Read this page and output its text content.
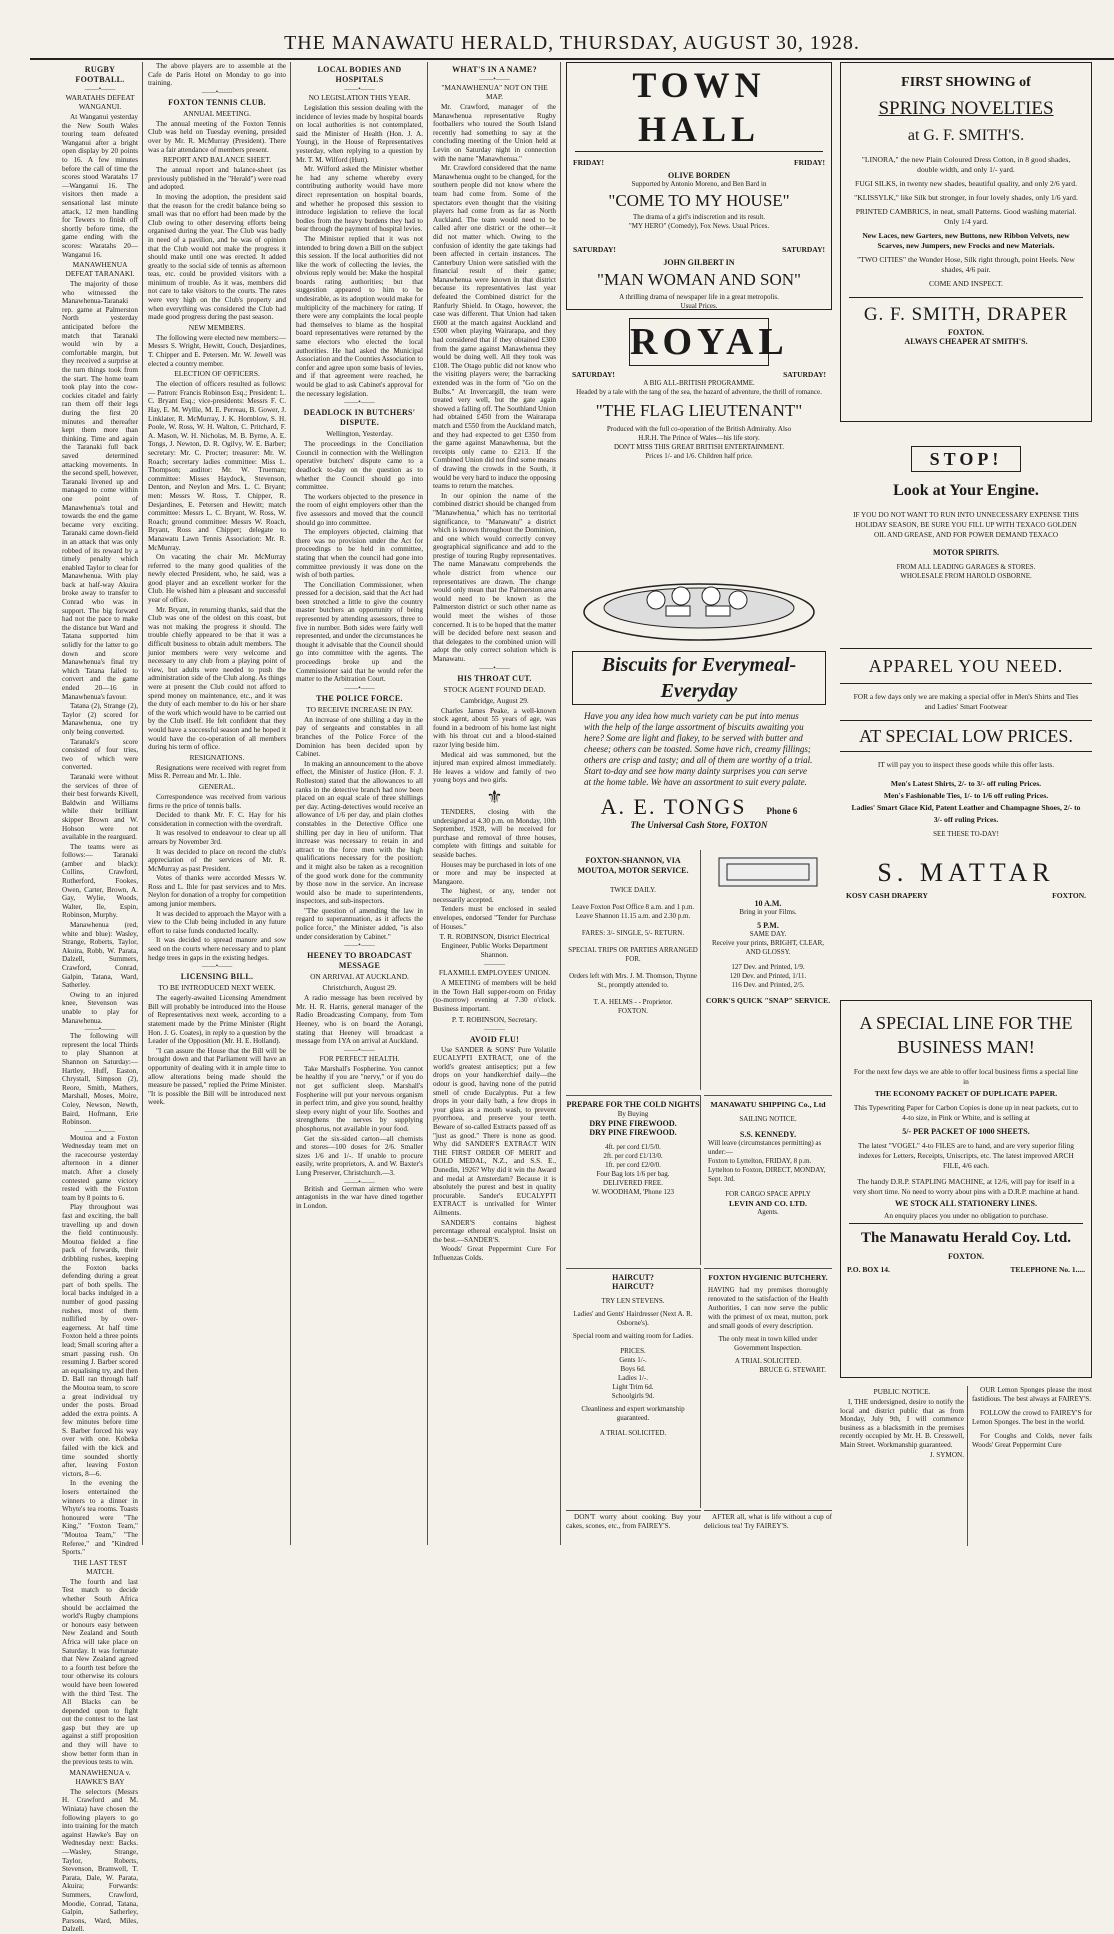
THE MANAWATU HERALD, THURSDAY, AUGUST 30, 1928.
RUGBY FOOTBALL.
——•——
WARATAHS DEFEAT WANGANUI.

At Wanganui yesterday the New South Wales touring team defeated Wanganui after a bright open display by 20 points to 16. A few minutes before the call of time the scores stood Waratahs 17—Wanganui 16. The visitors then made a sensational last minute attack, 12 men handling for Tewers to finish off shortly before time, the game ending with the scores: Waratahs 20—Wanganui 16.

MANAWHENUA DEFEAT TARANAKI.

The majority of those who witnessed the Manawhenua-Taranaki rep. game at Palmerston North yesterday anticipated before the match that Taranaki would win by a comfortable margin, but they received a surprise at the turn things took from the start. The home team took play into the cow-cockies citadel and fairly ran them off their legs during the first 20 minutes and thereafter kept them more than thinking. Time and again the Taranaki full back saved determined attacking movements. In the second spell, however, Taranaki livened up and managed to come within one point of Manawhenua's total and towards the end the game became very exciting. Taranaki came down-field in an attack that was only robbed of its reward by a timely penalty which enabled Taylor to clear for Manawhenua. With play back at half-way Akuira broke away to transfer to Conrad who was in support. The big forward had not the pace to make the distance but Ward and Tatana supported him solidly for the latter to go down and score Manawhenua's final try which Tatana failed to convert and the game ended 20—16 in Manawhenua's favour.

Tatana (2), Strange (2), Taylor (2) scored for Manawhenua, one try only being converted.

Taranaki's score consisted of four tries, two of which were converted.

Taranaki were without the services of three of their best forwards Kivell, Baldwin and Williams while their brilliant skipper Brown and W. Hobson were not available in the rearguard.

The teams were as follows:— Taranaki (amber and black): Collins, Crawford, Rutherford, Fookes, Owen, Carter, Brown, A. Gay, Wylie, Woods, Walter, Ile, Espin, Robinson, Murphy.

Manawhenua (red, white and blue): Wasley, Strange, Roberts, Taylor, Akuira, Robb, W. Parata, Dalzell, Summers, Crawford, Conrad, Galpin, Tatana, Ward, Satherley.

Owing to an injured knee, Stevenson was unable to play for Manawhenua.

——•——

The following will represent the local Thirds to play Shannon at Shannon on Saturday:— Hartley, Huff, Easton, Chrystall, Simpson (2), Reore, Smith, Mathers, Marshall, Moses, Moire, Coley, Newson, Newth, Baird, Hofmann, Erie Robinson.

——•——

Moutoa and a Foxton Wednesday team met on the racecourse yesterday afternoon in a dinner match. After a closely contested game victory rested with the Foxton team by 8 points to 6.

Play throughout was fast and exciting, the ball travelling up and down the field continuously. Moutoa fielded a fine pack of forwards, their dribbling rushes, keeping the Foxton backs defending during a great part of both spells. The local backs indulged in a number of good passing rushes, most of them nullified by over-eagerness. At half time Foxton held a three points lead; Small scoring after a smart passing rush. On resuming J. Barber scored an equalising try, and then D. Ball ran through half the Moutoa team, to score a great individual try under the posts. Broad added the extra points. A few minutes before time S. Barber forced his way over with one. Kobeka failed with the kick and time sounded shortly after, leaving Foxton victors, 8—6.

In the evening the losers entertained the winners to a dinner in Whyte's tea rooms. Toasts honoured were "The King," "Foxton Team," "Moutoa Team," "The Referee," and "Kindred Sports."

THE LAST TEST MATCH.

The fourth and last Test match to decide whether South Africa should be acclaimed the world's Rugby champions or honours easy between New Zealand and South Africa will take place on Saturday. It was fortunate that New Zealand agreed to a fourth test before the tour otherwise its colours would have been lowered with the third Test. The All Blacks can be depended upon to fight out the contest to the last gasp but they are up against a stiff proposition and they will have to show better form than in the previous tests to win.

MANAWHENUA v. HAWKE'S BAY

The selectors (Messrs H. Crawford and M. Winiata) have chosen the following players to go into training for the match against Hawke's Bay on Wednesday next: Backs.—Wasley, Strange, Taylor, Roberts, Stevenson, Bramwell, T. Parata, Dale, W. Parata, Akuira; Forwards: Summers, Crawford, Moodie, Conrad, Tatana, Galpin, Satherley, Parsons, Ward, Miles, Dalzell.

The above players are to assemble at the Cafe de Paris Hotel on Monday to go into training.

——•——
FOXTON TENNIS CLUB.
ANNUAL MEETING.

The annual meeting of the Foxton Tennis Club was held on Tuesday evening, presided over by Mr. R. McMurray (President). There was a fair attendance of members present.

REPORT AND BALANCE SHEET.

The annual report and balance-sheet (as previously published in the "Herald") were read and adopted.

In moving the adoption, the president said that the reason for the credit balance being so small was that no effort had been made by the Club owing to other deserving efforts being organised during the year. The Club was badly in need of a pavilion, and he was of opinion that the Club would not make the progress it should make until one was erected. It added greatly to the social side of tennis as afternoon teas, etc. could be provided visitors with a minimum of trouble. As it was, members did not care to take visitors to the courts. The rates were very high on the Club's property and when everything was considered the Club had made good progress during the past season.

NEW MEMBERS.

The following were elected new members:—Messrs S. Wright, Hewitt, Couch, Desjardines, T. Chipper and E. Petersen. Mr. W. Jewell was elected a country member.

ELECTION OF OFFICERS.

The election of officers resulted as follows:— Patron: Francis Robinson Esq.; President: L. C. Bryant Esq.; vice-presidents: Messrs F. C. Hay, E. M. Wyllie, M. E. Perreau, B. Gower, J. Linklater, R. McMurray, J. K. Hornblow, S. H. Poole, W. Ross, W. H. Walton, C. Pritchard, F. A. Mason, W. H. Nicholas, M. B. Byrne, A. E. Tongs, J. Newton, D. R. Ogilvy, W. E. Barber; secretary: Mr. C. Procter; treasurer: Mr. W. Roach; secretary ladies committee: Miss L. Thompson; auditor: Mr. W. Trueman; committee: Misses Haydock, Stevenson, Denton, and Neylon and Mrs. L. C. Bryant; men: Messrs W. Ross, T. Chipper, R. Desjardines, E. Petersen and Hewitt; match committee: Messrs L. C. Bryant, W. Ross, W. Roach; ground committee: Messrs W. Roach, Bryant, Ross and Chipper; delegate to Manawatu Lawn Tennis Association: Mr. R. McMurray.

On vacating the chair Mr. McMurray referred to the many good qualities of the newly elected President, who, he said, was a good player and an excellent worker for the Club. He wished him a pleasant and successful year of office.

Mr. Bryant, in returning thanks, said that the Club was one of the oldest on this coast, but was not making the progress it should. The trouble chiefly appeared to be that it was a difficult business to obtain adult members. The junior members were very welcome and necessary to any club from a playing point of view, but adults were needed to push the administration side of the Club along. As things were at present the Club could not afford to spend money on maintenance, etc., and it was the duty of each member to do his or her share of the work which would have to be carried out by the Club itself. He felt confident that they would have a successful season and he hoped it would have the co-operation of all members during his term of office.

RESIGNATIONS.

Resignations were received with regret from Miss R. Perreau and Mr. L. Ihle.

GENERAL.

Correspondence was received from various firms re the price of tennis balls.

Decided to thank Mr. F. C. Hay for his consideration in connection with the overdraft.

It was resolved to endeavour to clear up all arrears by November 3rd.

It was decided to place on record the club's appreciation of the services of Mr. R. McMurray as past President.

Votes of thanks were accorded Messrs W. Ross and L. Ihle for past services and to Mrs. Neylon for donation of a trophy for competition among junior members.

It was decided to approach the Mayor with a view to the Club being included in any future effort to raise funds conducted locally.

It was decided to spread manure and sow seed on the courts where necessary and to plant hedge trees in gaps in the existing hedges.

——•——
LICENSING BILL.
TO BE INTRODUCED NEXT WEEK.

The eagerly-awaited Licensing Amendment Bill will probably be introduced into the House of Representatives next week, according to a statement made by the Prime Minister (Right Hon. J. G. Coates), in reply to a question by the Leader of the Opposition (Mr. H. E. Holland).

"I can assure the House that the Bill will be brought down and that Parliament will have an opportunity of dealing with it in ample time to allow alterations being made should the measure be passed," replied the Prime Minister. "It is possible the Bill will be introduced next week.

LOCAL BODIES AND HOSPITALS
——•——
NO LEGISLATION THIS YEAR.

Legislation this session dealing with the incidence of levies made by hospital boards on local authorities is not contemplated, said the Minister of Health (Hon. J. A. Young), in the House of Representatives yesterday, when replying to a question by Mr. T. M. Wilford (Hutt).

Mr. Wilford asked the Minister whether he had any scheme whereby every contributing authority would have more direct representation on hospital boards, and whether he proposed this session to introduce legislation to relieve the local bodies from the heavy burdens they had to bear through the payment of hospital levies.

The Minister replied that it was not intended to bring down a Bill on the subject this session. If the local authorities did not like the work of collecting the levies, the obvious reply would be: Make the hospital boards rating authorities; but that suggestion appeared to him to be undesirable, as its adoption would make for multiplicity of the machinery for rating. If there were any complaints the local people had themselves to blame as the hospital board representatives were returned by the same electors who elected the local authorities. He had asked the Municipal Association and the Counties Association to confer and agree upon some basis of levies, and if that agreement were reached, he would be glad to ask Cabinet's approval for the necessary legislation.

——•——
DEADLOCK IN BUTCHERS' DISPUTE.
Wellington, Yesterday.

The proceedings in the Conciliation Council in connection with the Wellington operative butchers' dispute came to a deadlock to-day on the question as to whether the Council should go into committee.

The workers objected to the presence in the room of eight employers other than the five assessors and moved that the council should go into committee.

The employers objected, claiming that there was no provision under the Act for proceedings to be held in committee, stating that when the council had gone into committee previously it was done on the wish of both parties.

The Conciliation Commissioner, when pressed for a decision, said that the Act had been stretched a little to give the country master butchers an opportunity of being represented by attending assessors, three to five in number. Both sides were fairly well represented, and under the circumstances he thought it advisable that the Council should go into committee with the agents. The proceedings broke up and the Commissioner said that he would refer the matter to the Arbitration Court.

——•——
THE POLICE FORCE.
TO RECEIVE INCREASE IN PAY.

An increase of one shilling a day in the pay of sergeants and constables in all branches of the Police Force of the Dominion has been decided upon by Cabinet.

In making an announcement to the above effect, the Minister of Justice (Hon. F. J. Rolleston) stated that the allowances to all ranks in the detective branch had now been placed on an equal scale of three shillings per day. Acting-detectives would receive an allowance of 1/6 per day, and plain clothes constables in the Detective Office one shilling per day in lieu of uniform. That increase was necessary to retain in and attract to the force men with the high qualifications necessary for the position; and it might also be taken as a recognition of the good work done for the community by those now in the service. An increase would also be made to superintendents, inspectors, and sub-inspectors.

"The question of amending the law in regard to superannuation, as it affects the police force," the Minister added, "is also under consideration by Cabinet."

——•——
HEENEY TO BROADCAST MESSAGE
ON ARRIVAL AT AUCKLAND.
Christchurch, August 29.

A radio message has been received by Mr. H. R. Harris, general manager of the Radio Broadcasting Company, from Tom Heeney, who is on board the Aorangi, stating that Heeney will broadcast a message from 1YA on arrival at Auckland.

——•——
FOR PERFECT HEALTH.

Take Marshall's Fospherine. You cannot be healthy if you are "nervy," or if you do not get sufficient sleep. Marshall's Fospherine will put your nervous organism in perfect trim, and give you sound, healthy sleep every night of your life. Soothes and strengthens the nerves by supplying phosphorus, not available in your food.

Get the six-sided carton—all chemists and stores—100 doses for 2/6. Smaller sizes 1/6 and 1/-. If unable to procure easily, write proprietors, A. and W. Baxter's Lung Preserver, Christchurch.—3.

——•——

British and German airmen who were antagonists in the war have dined together in London.

WHAT'S IN A NAME?
——•——
"MANAWHENUA" NOT ON THE MAP.

Mr. Crawford, manager of the Manawhenua representative Rugby footballers who toured the South Island recently had something to say at the concluding meeting of the Union held at Levin on Saturday night in connection with the name "Manawhenua."

Mr. Crawford considered that the name Manawhenua ought to be changed, for the southern people did not know where the team had come from. Some of the spectators even thought that the visiting players had come from as far as North Auckland. The team would need to be called after one district or the other—it did not matter which. Owing to the confusion of identity the gate takings had been affected in certain instances. The Canterbury Union were satisfied with the financial result of their game; Manawhenua were known in that district because its representatives last year defeated the Combined district for the Ranfurly Shield. In Otago, however, the case was different. That Union had taken £600 at the match against Auckland and £500 when playing Wairarapa, and they had considered that if they obtained £300 from the game against Manawhenua they would be doing well. All they took was £108. The Otago public did not know who the visiting players were; the barracking extended was in the form of "Go on the Bulbs." At Invercargill, the team were treated very well, but the gate again showed a falling off. The Southland Union had obtained £450 from the Wairarapa match and £550 from the Auckland match, and they had expected to get £350 from the game against Manawhenua, but the receipts only came to £213. If the Combined Union did not find some means of drawing the crowds in the South, it would be very hard to induce the opposing teams to return the matches.

In our opinion the name of the combined district should be changed from "Manawhenua," which has no territorial significance, to "Manawatu" a district which is known throughout the Dominion, and one which would correctly convey geographical significance and add to the prestige of touring Rugby representatives. The name Manawatu comprehends the whole district from whence our representatives are drawn. The change would only mean that the Palmerston area would need to be known as the Palmerston district or such other name as would meet the wishes of those concerned. It is to be hoped that the matter will be decided before next season and that delegates to the combined union will adopt the only correct solution which is Manawatu.

——•——
HIS THROAT CUT.
STOCK AGENT FOUND DEAD.
Cambridge, August 29.

Charles James Peake, a well-known stock agent, about 55 years of age, was found in a bedroom of his home last night with his throat cut and a blood-stained razor lying beside him.

Medical aid was summoned, but the injured man expired almost immediately. He leaves a widow and family of two young boys and two girls.

⚜

TENDERS, closing with the undersigned at 4.30 p.m. on Monday, 10th September, 1928, will be received for purchase and removal of three houses, complete with fittings and suitable for seaside baches.

Houses may be purchased in lots of one or more and may be inspected at Mangaore.

The highest, or any, tender not necessarily accepted.

Tenders must be enclosed in sealed envelopes, endorsed "Tender for Purchase of Houses."

T. R. ROBINSON, District Electrical Engineer, Public Works Department Shannon.
———
FLAXMILL EMPLOYEES' UNION.

A MEETING of members will be held in the Town Hall supper-room on Friday (to-morrow) evening at 7.30 o'clock. Business important.

P. T. ROBINSON, Secretary.
———
AVOID FLU!

Use SANDER & SONS' Pure Volatile EUCALYPTI EXTRACT, one of the world's greatest antiseptics; put a few drops on your handkerchief daily—the odour is good, having none of the putrid smell of crude Eucalyptus. Put a few drops in your daily bath, a few drops in your glass as a mouth wash, to prevent pyorrhoea, and preserve your teeth. Beware of so-called Extracts passed off as "just as good." There is none as good. Why did SANDER'S EXTRACT WIN THE FIRST ORDER OF MERIT and GOLD MEDAL, N.Z., and S.S. E., Dunedin, 1926? Why did it win the Award and medal at Amsterdam? Because it is absolutely the purest and best in quality procurable. Sander's EUCALYPTI EXTRACT is unrivalled for Winter Ailments.

SANDER'S contains highest percentage ethereal eucalyptol. Insist on the best.—SANDER'S.

Woods' Great Peppermint Cure For Influenzas Colds.

TOWN HALL
FRIDAY!	FRIDAY!
OLIVE BORDEN
Supported by Antonio Moreno, and Ben Bard in
"COME TO MY HOUSE"
The drama of a girl's indiscretion and its result.
"MY HERO" (Comedy), Fox News. Usual Prices.
SATURDAY!	SATURDAY!
JOHN GILBERT IN
"MAN WOMAN AND SON"
A thrilling drama of newspaper life in a great metropolis.
Usual Prices.
ROYAL
SATURDAY!	SATURDAY!
A BIG ALL-BRITISH PROGRAMME.
Headed by a tale with the tang of the sea, the hazard of adventure, the thrill of romance.
"THE FLAG LIEUTENANT"
Produced with the full co-operation of the British Admiralty. Also
H.R.H. The Prince of Wales—his life story.
DON'T MISS THIS GREAT BRITISH ENTERTAINMENT.
Prices 1/- and 1/6. Children half price.
Biscuits for Everymeal-Everyday
Have you any idea how much variety can be put into menus with the help of the large assortment of biscuits awaiting you here? Some are light and flakey, to be served with butter and cheese; others can be toasted. Some have rich, creamy fillings; others are crisp and tasty; and all of them are worthy of a trial. Start to-day and see how many dainty surprises you can serve at the home table. We have an assortment to suit every palate.
A. E. TONGS Phone 6
The Universal Cash Store, FOXTON
FOXTON-SHANNON, VIA MOUTOA, MOTOR SERVICE.
TWICE DAILY.
Leave Foxton Post Office 8 a.m. and 1 p.m.
Leave Shannon 11.15 a.m. and 2.30 p.m.
FARES: 3/- SINGLE, 5/- RETURN.
SPECIAL TRIPS OR PARTIES ARRANGED FOR.
Orders left with Mrs. J. M. Thomson, Thynne St., promptly attended to.
T. A. HELMS - - Proprietor.
FOXTON.
10 A.M.
Bring in your Films.
5 P.M.
SAME DAY.
Receive your prints, BRIGHT, CLEAR, AND GLOSSY.
127 Dev. and Printed, 1/9.
120 Dev. and Printed, 1/11.
116 Dev. and Printed, 2/5.
CORK'S QUICK "SNAP" SERVICE.
PREPARE FOR THE COLD NIGHTS
By Buying
DRY PINE FIREWOOD.
DRY PINE FIREWOOD.
4ft. per cord £1/5/0.
2ft. per cord £1/13/0.
1ft. per cord £2/0/0.
Four Bag lots 1/6 per bag.
DELIVERED FREE.
W. WOODHAM, 'Phone 123
MANAWATU SHIPPING Co., Ltd
SAILING NOTICE.
S.S. KENNEDY.
Will leave (circumstances permitting) as under:—
Foxton to Lyttelton, FRIDAY, 8 p.m.
Lyttelton to Foxton, DIRECT, MONDAY, Sept. 3rd.
FOR CARGO SPACE APPLY
LEVIN AND CO. LTD.
Agents.
HAIRCUT?
HAIRCUT?
TRY LEN STEVENS.
Ladies' and Gents' Hairdresser (Next A. R. Osborne's).
Special room and waiting room for Ladies.
PRICES.
Gents 1/-.
Boys 6d.
Ladies 1/-.
Light Trim 6d.
Schoolgirls 9d.
Cleanliness and expert workmanship guaranteed.
A TRIAL SOLICITED.
FOXTON HYGIENIC BUTCHERY.
HAVING had my premises thoroughly renovated to the satisfaction of the Health Authorities, I can now serve the public with the primest of ox meat, mutton, pork and small goods of every description.
The only meat in town killed under Government Inspection.
A TRIAL SOLICITED.
BRUCE G. STEWART.

DON'T worry about cooking. Buy your cakes, scones, etc., from FAIREY'S.

AFTER all, what is life without a cup of delicious tea! Try FAIREY'S.

FIRST SHOWING of
SPRING NOVELTIES
at G. F. SMITH'S.
"LINORA," the new Plain Coloured Dress Cotton, in 8 good shades, double width, and only 1/- yard.
FUGI SILKS, in twenty new shades, beautiful quality, and only 2/6 yard.
"KLISSYLK," like Silk but stronger, in four lovely shades, only 1/6 yard.
PRINTED CAMBRICS, in neat, small Patterns. Good washing material. Only 1/4 yard.
New Laces, new Garters, new Buttons, new Ribbon Velvets, new Scarves, new Jumpers, new Frocks and new Materials.
"TWO CITIES" the Wonder Hose, Silk right through, point Heels. New shades, 4/6 pair.
COME AND INSPECT.
G. F. SMITH, DRAPER
FOXTON.
ALWAYS CHEAPER AT SMITH'S.
STOP!
Look at Your Engine.
IF YOU DO NOT WANT TO RUN INTO UNNECESSARY EXPENSE THIS HOLIDAY SEASON, BE SURE YOU FILL UP WITH TEXACO GOLDEN OIL AND GREASE, AND FOR POWER DEMAND TEXACO
MOTOR SPIRITS.
FROM ALL LEADING GARAGES & STORES.
WHOLESALE FROM HAROLD OSBORNE.
APPAREL YOU NEED.
FOR a few days only we are making a special offer in Men's Shirts and Ties and Ladies' Smart Footwear
AT SPECIAL LOW PRICES.
IT will pay you to inspect these goods while this offer lasts.
Men's Latest Shirts, 2/- to 3/- off ruling Prices.
Men's Fashionable Ties, 1/- to 1/6 off ruling Prices.
Ladies' Smart Glace Kid, Patent Leather and Champagne Shoes, 2/- to 3/- off ruling Prices.
SEE THESE TO-DAY!
S. MATTAR
KOSY CASH DRAPERY	FOXTON.
A SPECIAL LINE FOR THE
BUSINESS MAN!
For the next few days we are able to offer local business firms a special line in
THE ECONOMY PACKET OF DUPLICATE PAPER.
This Typewriting Paper for Carbon Copies is done up in neat packets, cut to 4-to size, in Pink or White, and is selling at
5/- PER PACKET OF 1000 SHEETS.
The latest "VOGEL" 4-to FILES are to hand, and are very superior filing indexes for Letters, Receipts, Uniscripts, etc. The latest improved ARCH FILE, 4/6 each.
The handy D.R.P. STAPLING MACHINE, at 12/6, will pay for itself in a very short time. No need to worry about pins with a D.R.P. machine at hand.
WE STOCK ALL STATIONERY LINES.
An enquiry places you under no obligation to purchase.
The Manawatu Herald Coy. Ltd.
FOXTON.
P.O. BOX 14.	TELEPHONE No. 1.....
PUBLIC NOTICE.

I, THE undersigned, desire to notify the local and district public that as from Monday, July 9th, I will commence business as a blacksmith in the premises recently occupied by Mr. H. B. Cresswell, Main Street. Workmanship guaranteed.

J. SYMON.

OUR Lemon Sponges please the most fastidious. The best always at FAIREY'S.

FOLLOW the crowd to FAIREY'S for Lemon Sponges. The best in the world.

For Coughs and Colds, never fails Woods' Great Peppermint Cure
